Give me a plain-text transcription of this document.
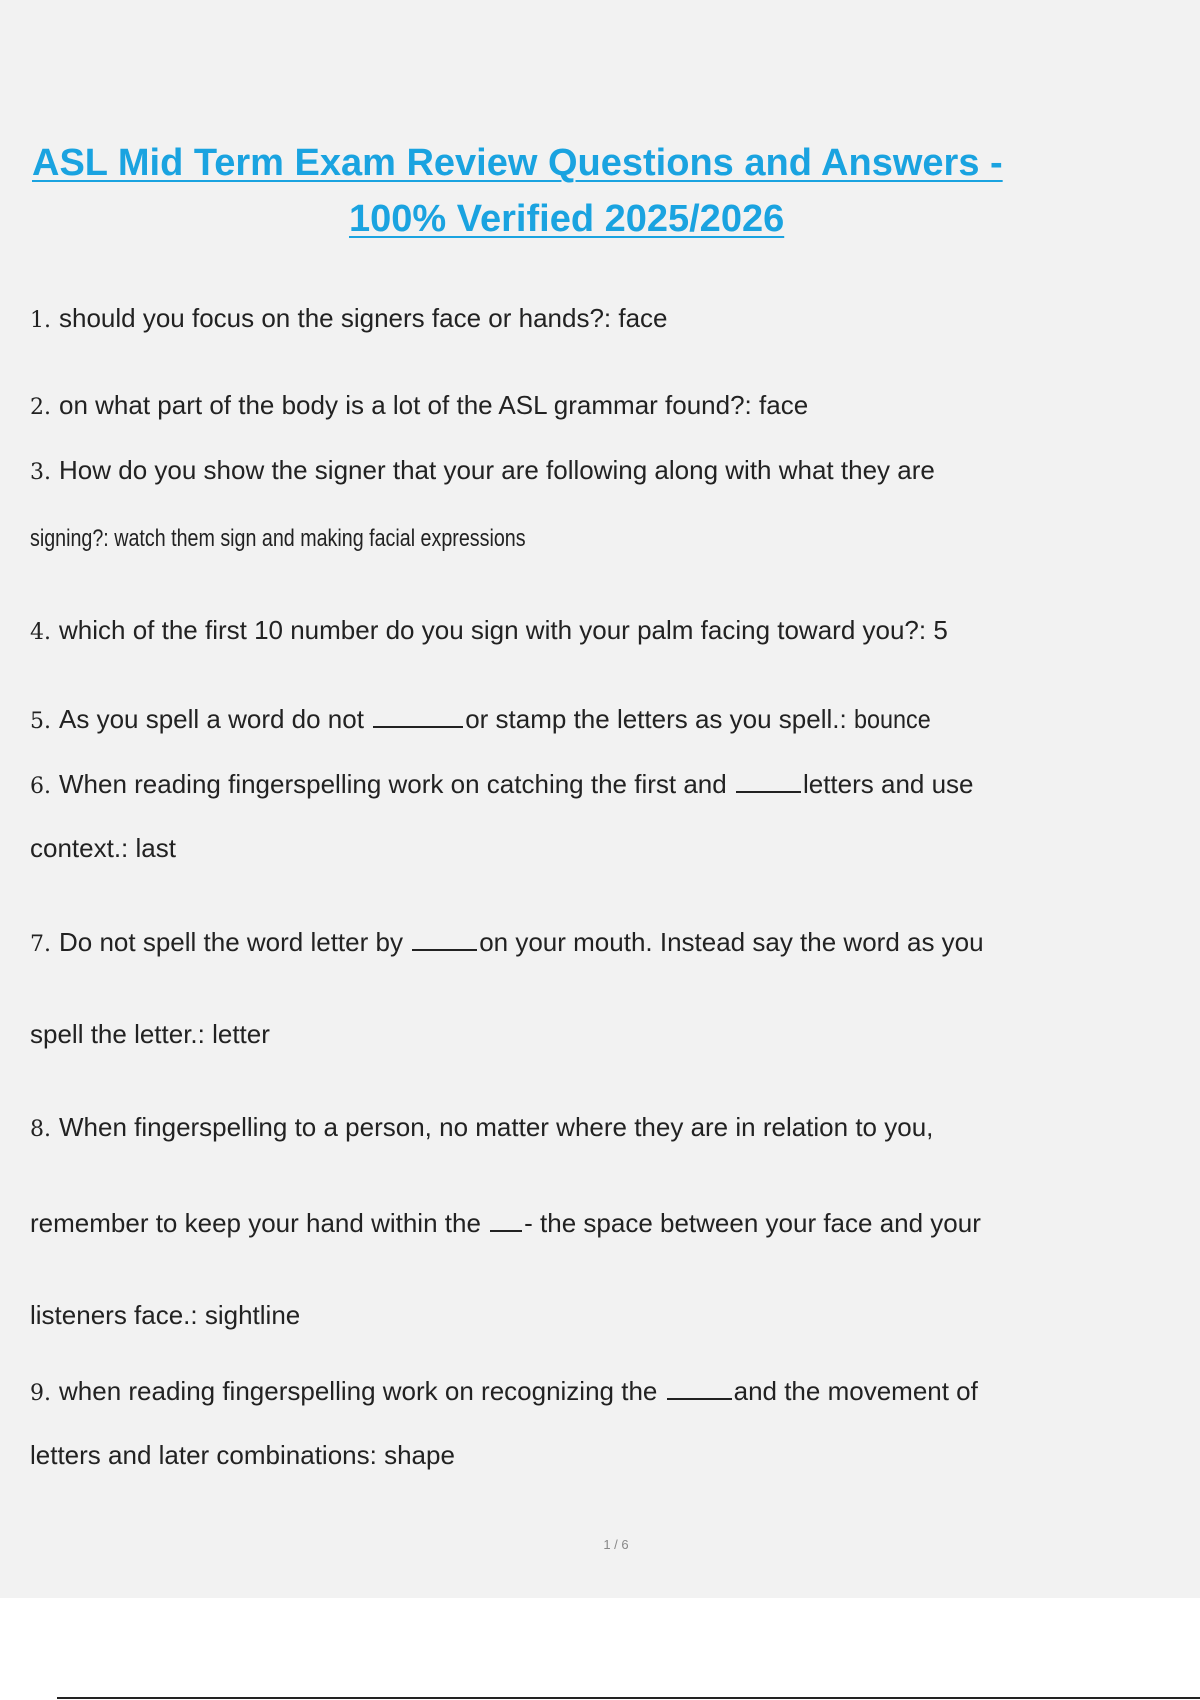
ASL Mid Term Exam Review Questions and Answers -
100% Verified 2025/2026
1. should you focus on the signers face or hands?: face
2. on what part of the body is a lot of the ASL grammar found?: face
3. How do you show the signer that your are following along with what they are
signing?: watch them sign and making facial expressions
4. which of the first 10 number do you sign with your palm facing toward you?: 5
5. As you spell a word do not	or stamp the letters as you spell.: bounce
6. When reading fingerspelling work on catching the first and	letters and use
context.: last
7. Do not spell the word letter by	on your mouth. Instead say the word as you
spell the letter.: letter
8. When fingerspelling to a person, no matter where they are in relation to you,
remember to keep your hand within the - the space between your face and your
listeners face.: sightline
9. when reading fingerspelling work on recognizing the	and the movement of
letters and later combinations: shape
1 / 6
